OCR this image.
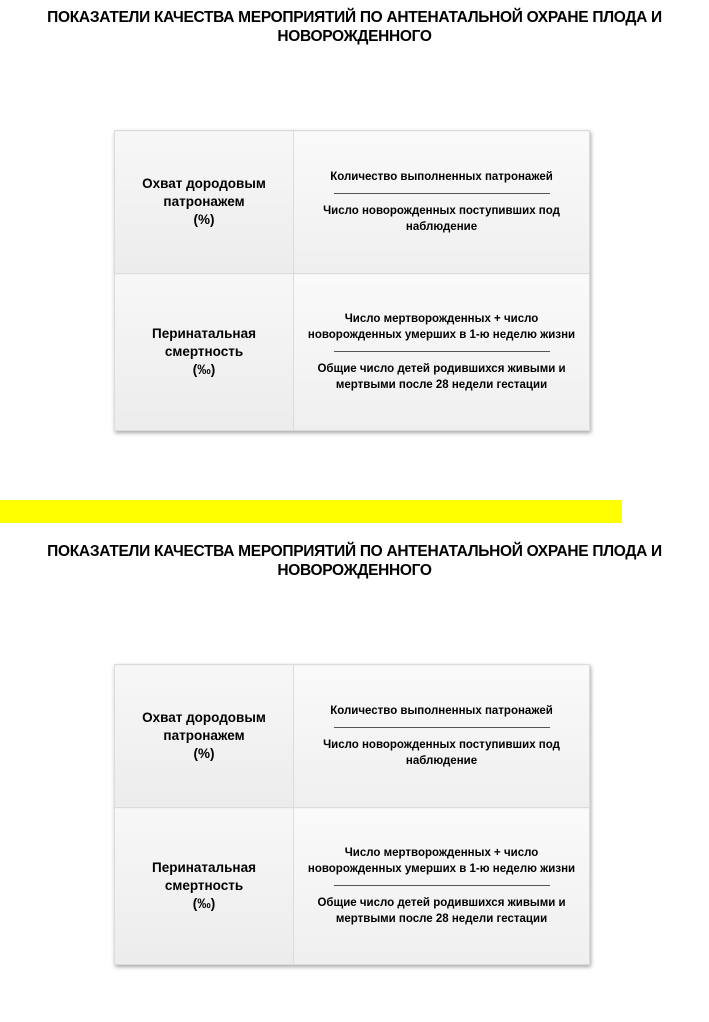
ПОКАЗАТЕЛИ КАЧЕСТВА МЕРОПРИЯТИЙ ПО АНТЕНАТАЛЬНОЙ ОХРАНЕ ПЛОДА И
НОВОРОЖДЕННОГО
Охват дородовым
патронажем
(%)	Количество выполненных патронажей
Число новорожденных поступивших под наблюдение

Перинатальная
смертность
(‰)	Число мертворожденных + число новорожденных умерших в 1-ю неделю жизни
Общие число детей родившихся живыми и мертвыми после 28 недели гестации
ПОКАЗАТЕЛИ КАЧЕСТВА МЕРОПРИЯТИЙ ПО АНТЕНАТАЛЬНОЙ ОХРАНЕ ПЛОДА И
НОВОРОЖДЕННОГО
Охват дородовым
патронажем
(%)	Количество выполненных патронажей
Число новорожденных поступивших под наблюдение

Перинатальная
смертность
(‰)	Число мертворожденных + число новорожденных умерших в 1-ю неделю жизни
Общие число детей родившихся живыми и мертвыми после 28 недели гестации
